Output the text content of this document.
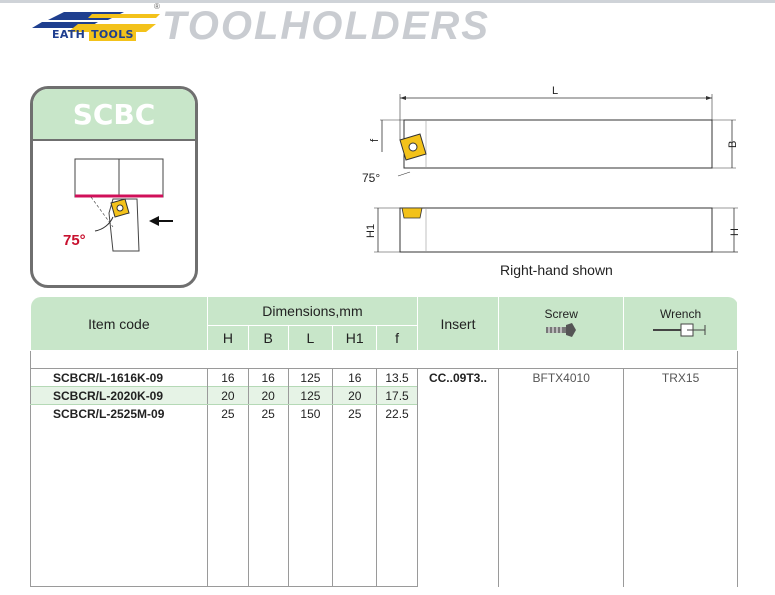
EATH TOOLS
® TOOLHOLDERS
SCBC
75°
L
B
f
75°
H1	H
Right-hand shown
Item code	Dimensions,mm					Insert	Screw	Wrench

	H	B	L	H1	f			

SCBCR/L-1616K-09	16	16	125	16	13.5	CC..09T3..	BFTX4010	TRX15
SCBCR/L-2020K-09	20	20	125	20	17.5			
SCBCR/L-2525M-09	25	25	150	25	22.5			
